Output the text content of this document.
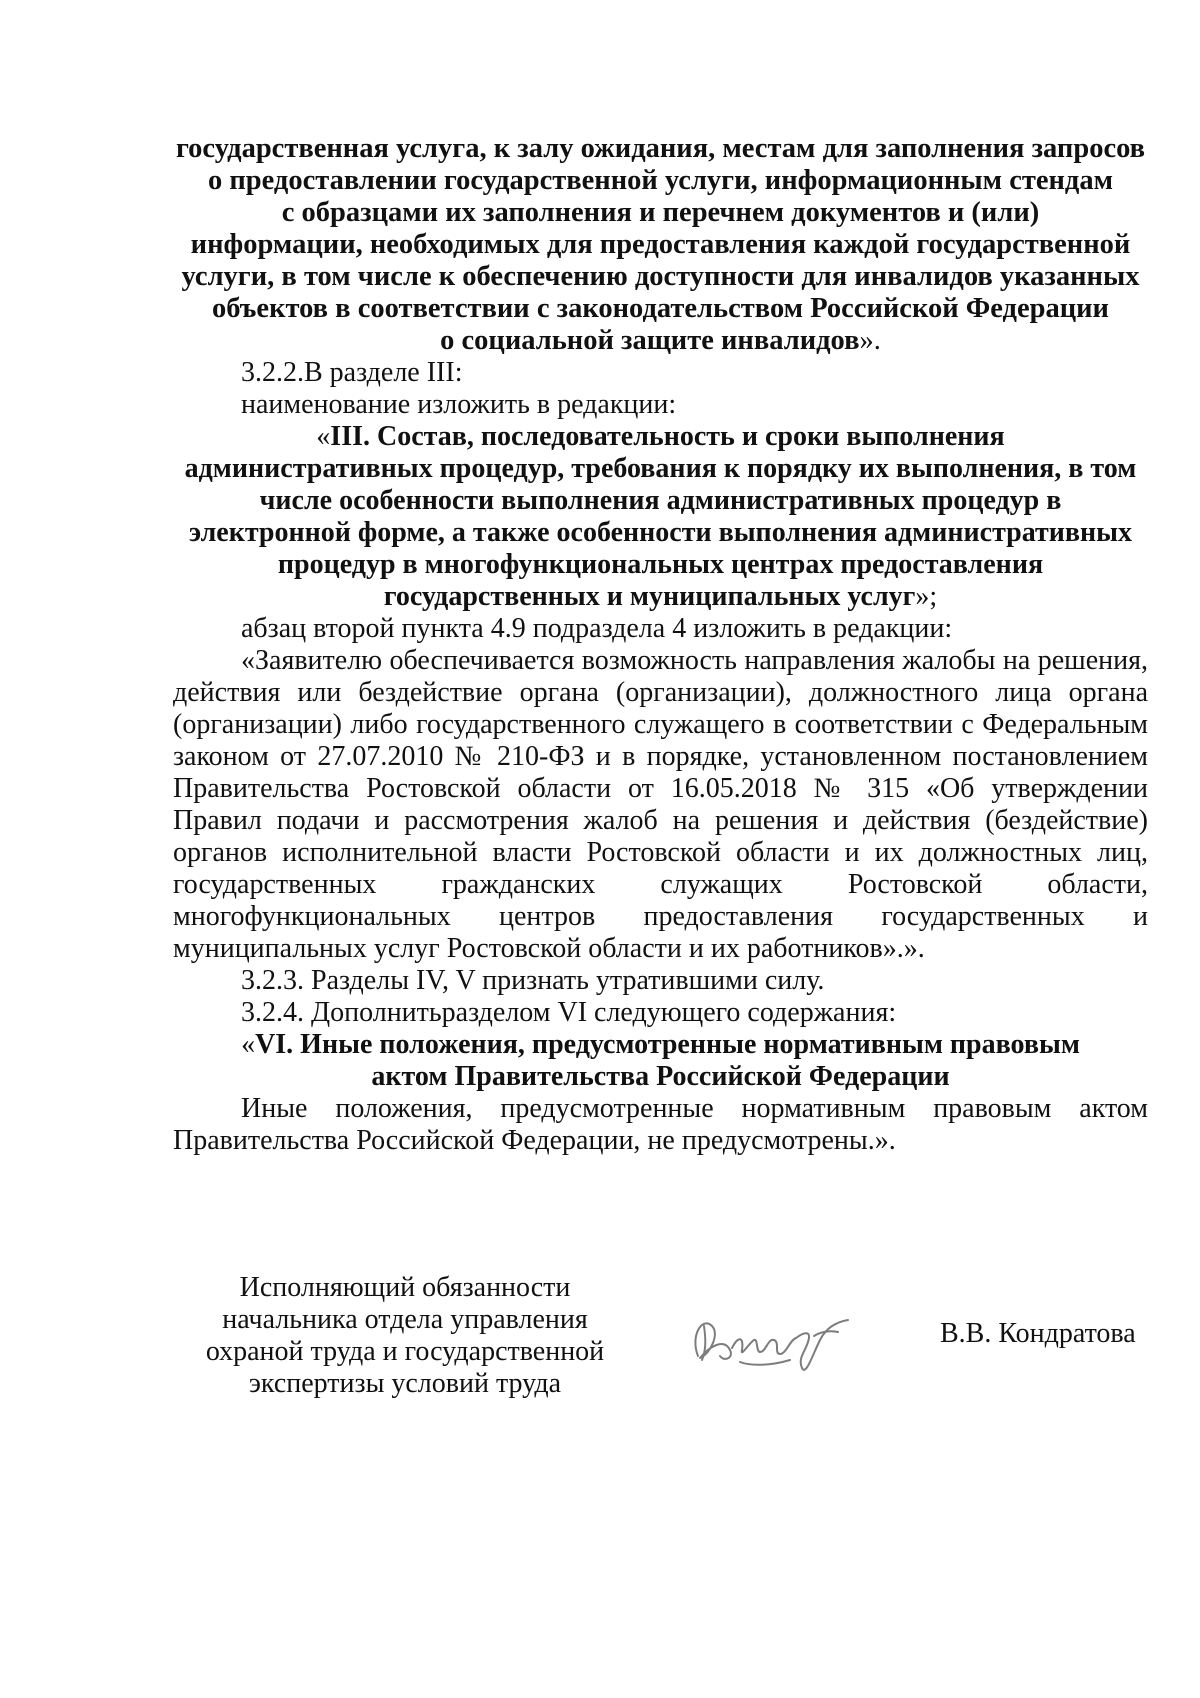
государственная услуга, к залу ожидания, местам для заполнения запросов
о предоставлении государственной услуги, информационным стендам
с образцами их заполнения и перечнем документов и (или)
информации, необходимых для предоставления каждой государственной
услуги, в том числе к обеспечению доступности для инвалидов указанных
объектов в соответствии с законодательством Российской Федерации
о социальной защите инвалидов».

3.2.2.В разделе III:

наименование изложить в редакции:

«III. Состав, последовательность и сроки выполнения
административных процедур, требования к порядку их выполнения, в том
числе особенности выполнения административных процедур в
электронной форме, а также особенности выполнения административных
процедур в многофункциональных центрах предоставления
государственных и муниципальных услуг»;

абзац второй пункта 4.9 подраздела 4 изложить в редакции:

«Заявителю обеспечивается возможность направления жалобы на решения, действия или бездействие органа (организации), должностного лица органа (организации) либо государственного служащего в соответствии с Федеральным законом от 27.07.2010 № 210-ФЗ и в порядке, установленном постановлением Правительства Ростовской области от 16.05.2018 № 315 «Об утверждении Правил подачи и рассмотрения жалоб на решения и действия (бездействие) органов исполнительной власти Ростовской области и их должностных лиц, государственных гражданских служащих Ростовской области, многофункциональных центров предоставления государственных и муниципальных услуг Ростовской области и их работников».».

3.2.3. Разделы IV, V признать утратившими силу.

3.2.4. Дополнитьразделом VI следующего содержания:

«VI. Иные положения, предусмотренные нормативным правовым
актом Правительства Российской Федерации

Иные положения, предусмотренные нормативным правовым актом Правительства Российской Федерации, не предусмотрены.».

Исполняющий обязанности
начальника отдела управления
охраной труда и государственной
экспертизы условий труда
В.В. Кондратова
